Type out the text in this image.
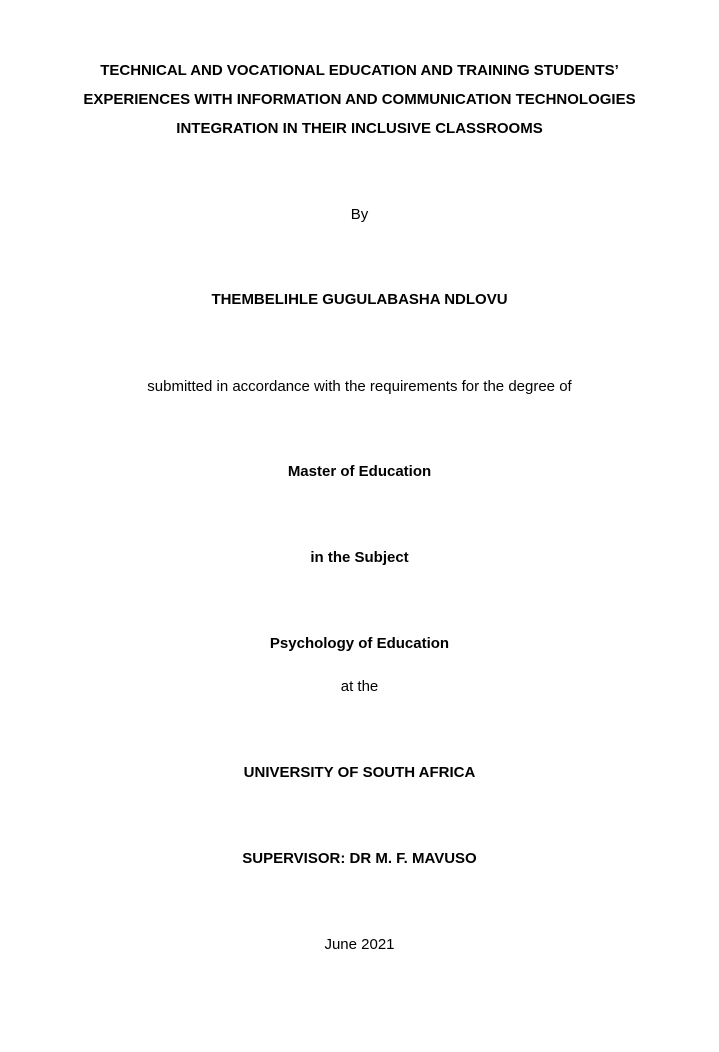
TECHNICAL AND VOCATIONAL EDUCATION AND TRAINING STUDENTS’
EXPERIENCES WITH INFORMATION AND COMMUNICATION TECHNOLOGIES
INTEGRATION IN THEIR INCLUSIVE CLASSROOMS
By
THEMBELIHLE GUGULABASHA NDLOVU
submitted in accordance with the requirements for the degree of
Master of Education
in the Subject
Psychology of Education
at the
UNIVERSITY OF SOUTH AFRICA
SUPERVISOR: DR M. F. MAVUSO
June 2021
